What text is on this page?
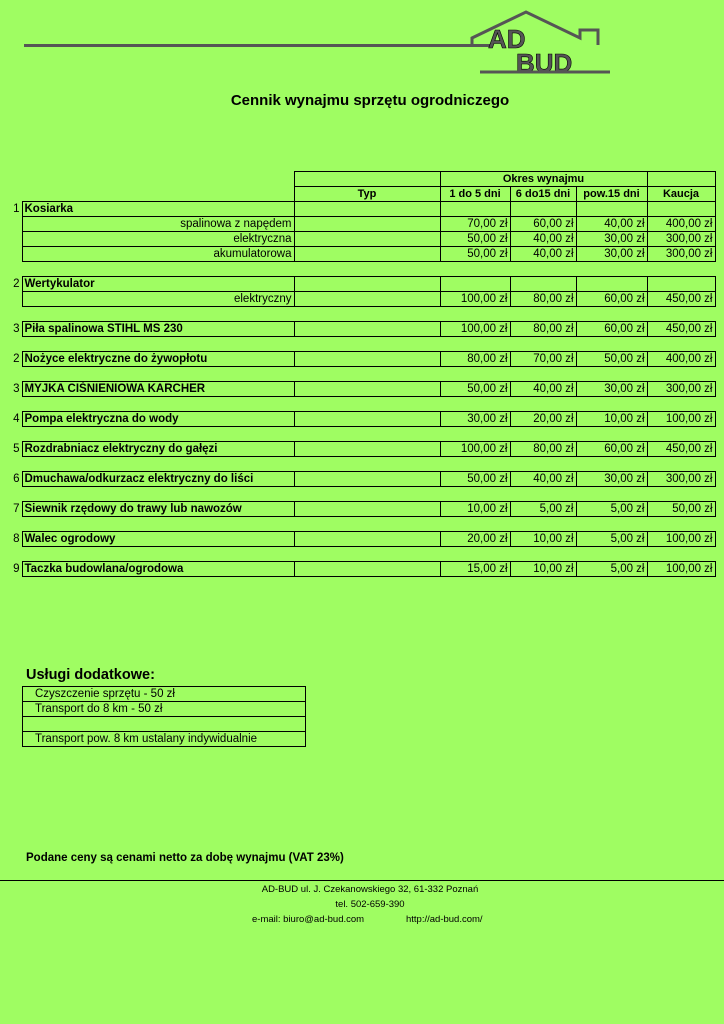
AD
BUD
Cennik wynajmu sprzętu ogrodniczego
			Okres wynajmu			
		Typ	1 do 5 dni	6 do15 dni	pow.15 dni	Kaucja
1	Kosiarka					
	spalinowa z napędem		70,00 zł	60,00 zł	40,00 zł	400,00 zł
	elektryczna		50,00 zł	40,00 zł	30,00 zł	300,00 zł
	akumulatorowa		50,00 zł	40,00 zł	30,00 zł	300,00 zł

2	Wertykulator					
	elektryczny		100,00 zł	80,00 zł	60,00 zł	450,00 zł

3	Piła spalinowa STIHL MS 230		100,00 zł	80,00 zł	60,00 zł	450,00 zł

2	Nożyce elektryczne do żywopłotu		80,00 zł	70,00 zł	50,00 zł	400,00 zł

3	MYJKA CIŚNIENIOWA KARCHER		50,00 zł	40,00 zł	30,00 zł	300,00 zł

4	Pompa elektryczna do wody		30,00 zł	20,00 zł	10,00 zł	100,00 zł

5	Rozdrabniacz elektryczny do gałęzi		100,00 zł	80,00 zł	60,00 zł	450,00 zł

6	Dmuchawa/odkurzacz elektryczny do liści		50,00 zł	40,00 zł	30,00 zł	300,00 zł

7	Siewnik rzędowy do trawy lub nawozów		10,00 zł	5,00 zł	5,00 zł	50,00 zł

8	Walec ogrodowy		20,00 zł	10,00 zł	5,00 zł	100,00 zł

9	Taczka budowlana/ogrodowa		15,00 zł	10,00 zł	5,00 zł	100,00 zł
Usługi dodatkowe:
Czyszczenie sprzętu - 50 zł
Transport do 8 km - 50 zł

Transport pow. 8 km ustalany indywidualnie
Podane ceny są cenami netto za dobę wynajmu (VAT 23%)
AD-BUD ul. J. Czekanowskiego 32, 61-332 Poznań
tel. 502-659-390
e-mail: biuro@ad-bud.com	http://ad-bud.com/
